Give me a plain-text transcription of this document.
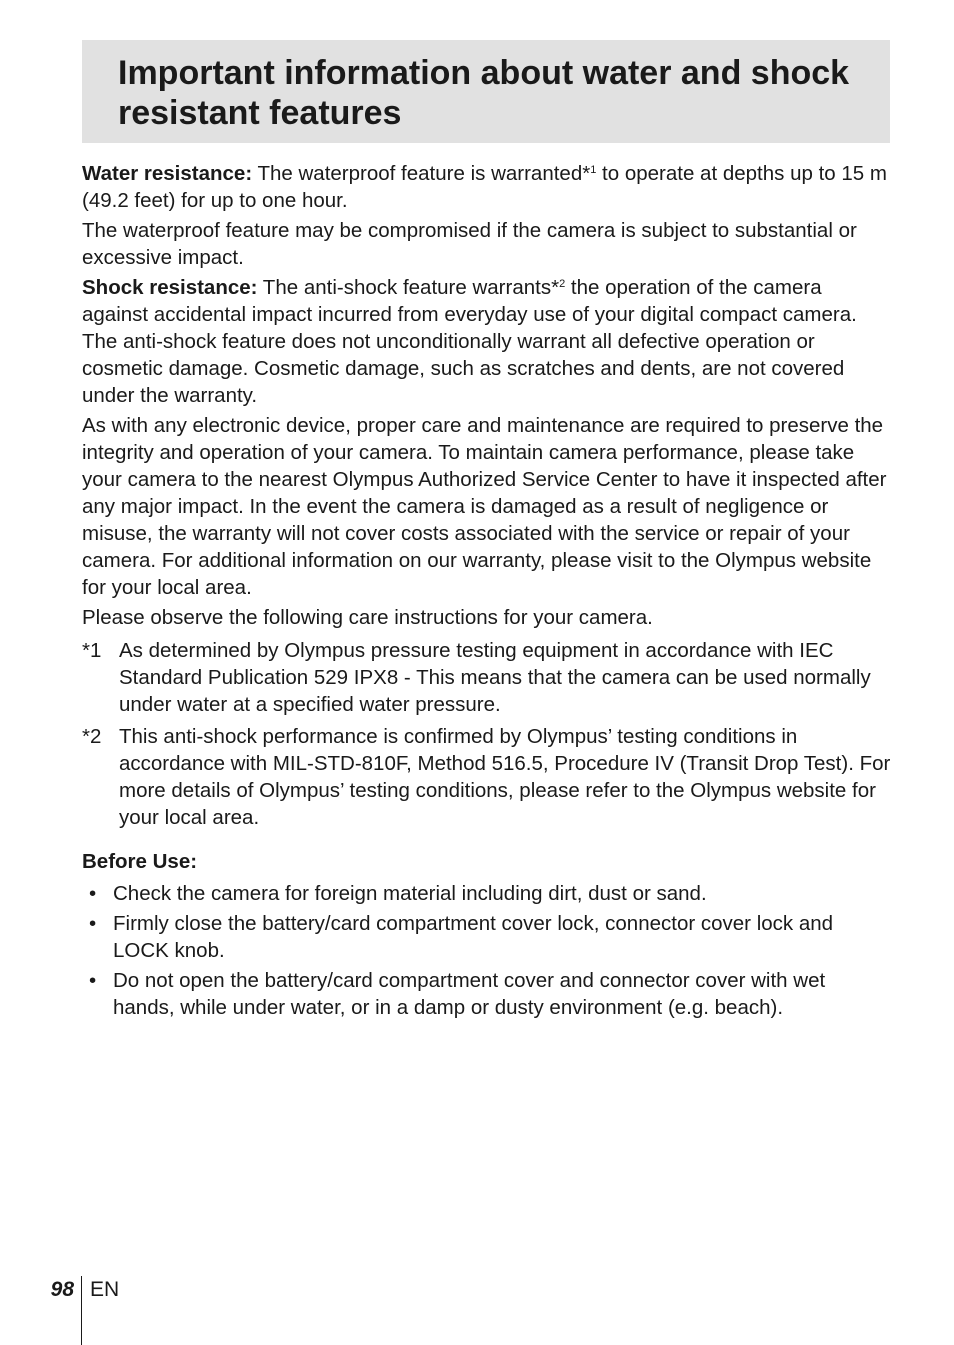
Important information about water and shock
resistant features

Water resistance: The waterproof feature is warranted*$^1$ to operate at depths up to 15 m (49.2 feet) for up to one hour.

The waterproof feature may be compromised if the camera is subject to substantial or excessive impact.

Shock resistance: The anti-shock feature warrants*$^2$ the operation of the camera against accidental impact incurred from everyday use of your digital compact camera. The anti-shock feature does not unconditionally warrant all defective operation or cosmetic damage. Cosmetic damage, such as scratches and dents, are not covered under the warranty.

As with any electronic device, proper care and maintenance are required to preserve the integrity and operation of your camera. To maintain camera performance, please take your camera to the nearest Olympus Authorized Service Center to have it inspected after any major impact. In the event the camera is damaged as a result of negligence or misuse, the warranty will not cover costs associated with the service or repair of your camera. For additional information on our warranty, please visit to the Olympus website for your local area.

Please observe the following care instructions for your camera.

*1 As determined by Olympus pressure testing equipment in accordance with IEC Standard Publication 529 IPX8 - This means that the camera can be used normally under water at a specified water pressure.
*2 This anti-shock performance is confirmed by Olympus’ testing conditions in accordance with MIL-STD-810F, Method 516.5, Procedure IV (Transit Drop Test). For more details of Olympus’ testing conditions, please refer to the Olympus website for your local area.
Before Use:
• Check the camera for foreign material including dirt, dust or sand.
• Firmly close the battery/card compartment cover lock, connector cover lock and LOCK knob.
• Do not open the battery/card compartment cover and connector cover with wet hands, while under water, or in a damp or dusty environment (e.g. beach).
98 EN
